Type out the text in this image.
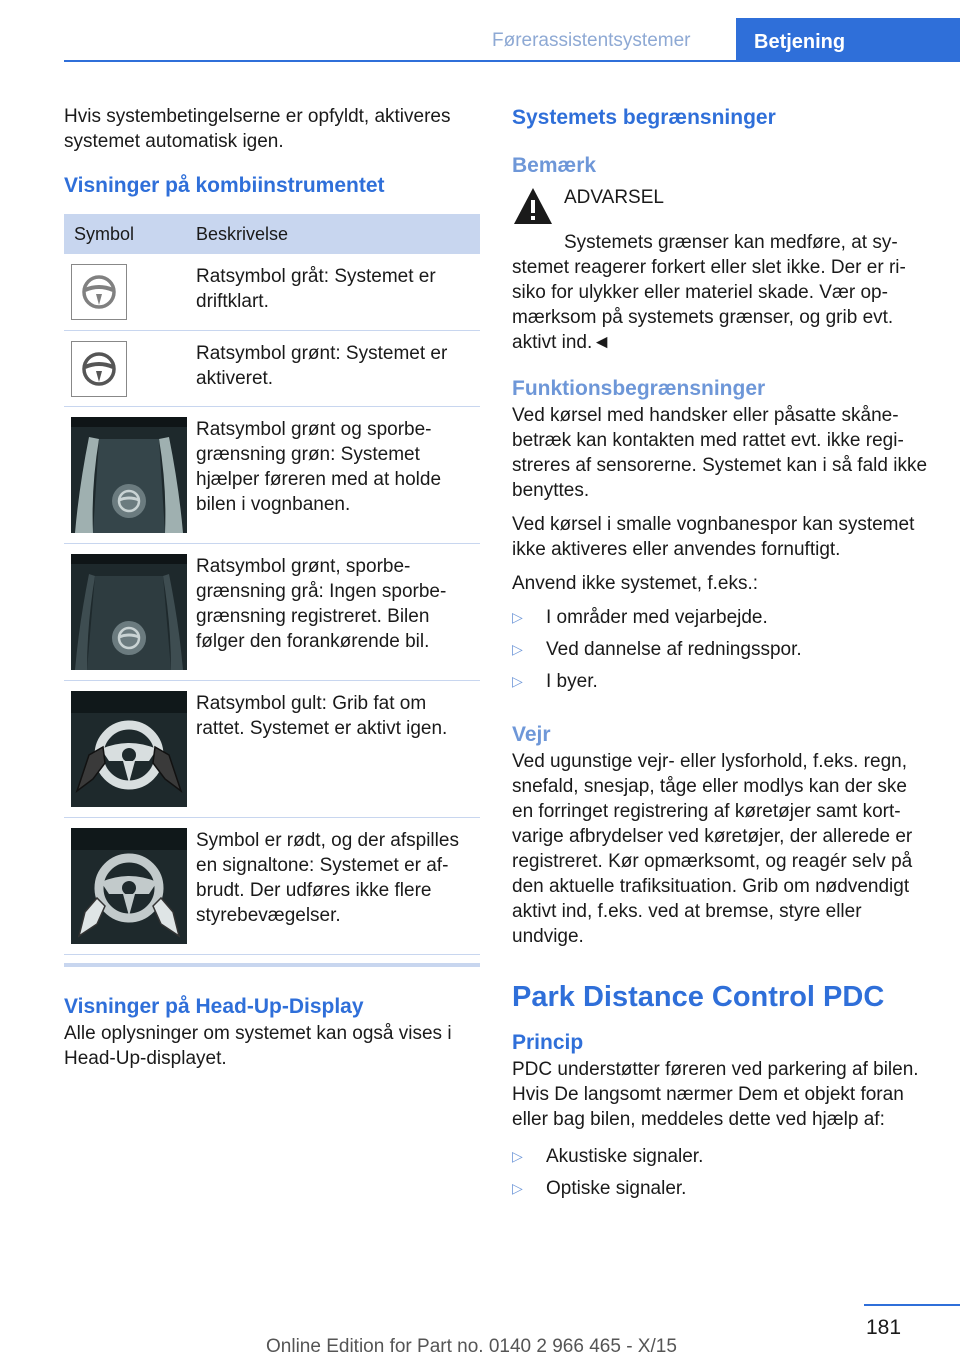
Førerassistentsystemer	Betjening

Hvis systembetingelserne er opfyldt, aktiveres systemet automatisk igen.

Visninger på kombiinstrumentet
Symbol	Beskrivelse

	Ratsymbol gråt: Systemet er driftklart.

	Ratsymbol grønt: Systemet er aktiveret.

	Ratsymbol grønt og sporbegrænsning grøn: Systemet hjælper føreren med at holde bilen i vognbanen.

	Ratsymbol grønt, sporbegrænsning grå: Ingen sporbegrænsning registreret. Bilen følger den forankørende bil.

	Ratsymbol gult: Grib fat om rattet. Systemet er aktivt igen.

	Symbol er rødt, og der afspilles en signaltone: Systemet er afbrudt. Der udføres ikke flere styrebevægelser.
Visninger på Head-Up-Display

Alle oplysninger om systemet kan også vises i Head-Up-displayet.

Systemets begrænsninger
Bemærk
ADVARSEL

Systemets grænser kan medføre, at systemet reagerer forkert eller slet ikke. Der er risiko for ulykker eller materiel skade. Vær opmærksom på systemets grænser, og grib evt. aktivt ind.◄

Funktionsbegrænsninger

Ved kørsel med handsker eller påsatte skånebetræk kan kontakten med rattet evt. ikke registreres af sensorerne. Systemet kan i så fald ikke benyttes.

Ved kørsel i smalle vognbanespor kan systemet ikke aktiveres eller anvendes fornuftigt.

Anvend ikke systemet, f.eks.:

▷ I områder med vejarbejde.
▷ Ved dannelse af redningsspor.
▷ I byer.
Vejr

Ved ugunstige vejr- eller lysforhold, f.eks. regn, snefald, snesjap, tåge eller modlys kan der ske en forringet registrering af køretøjer samt kortvarige afbrydelser ved køretøjer, der allerede er registreret. Kør opmærksomt, og reagér selv på den aktuelle trafiksituation. Grib om nødvendigt aktivt ind, f.eks. ved at bremse, styre eller undvige.

Park Distance Control PDC
Princip

PDC understøtter føreren ved parkering af bilen. Hvis De langsomt nærmer Dem et objekt foran eller bag bilen, meddeles dette ved hjælp af:

▷ Akustiske signaler.
▷ Optiske signaler.
181
Online Edition for Part no. 0140 2 966 465 - X/15
